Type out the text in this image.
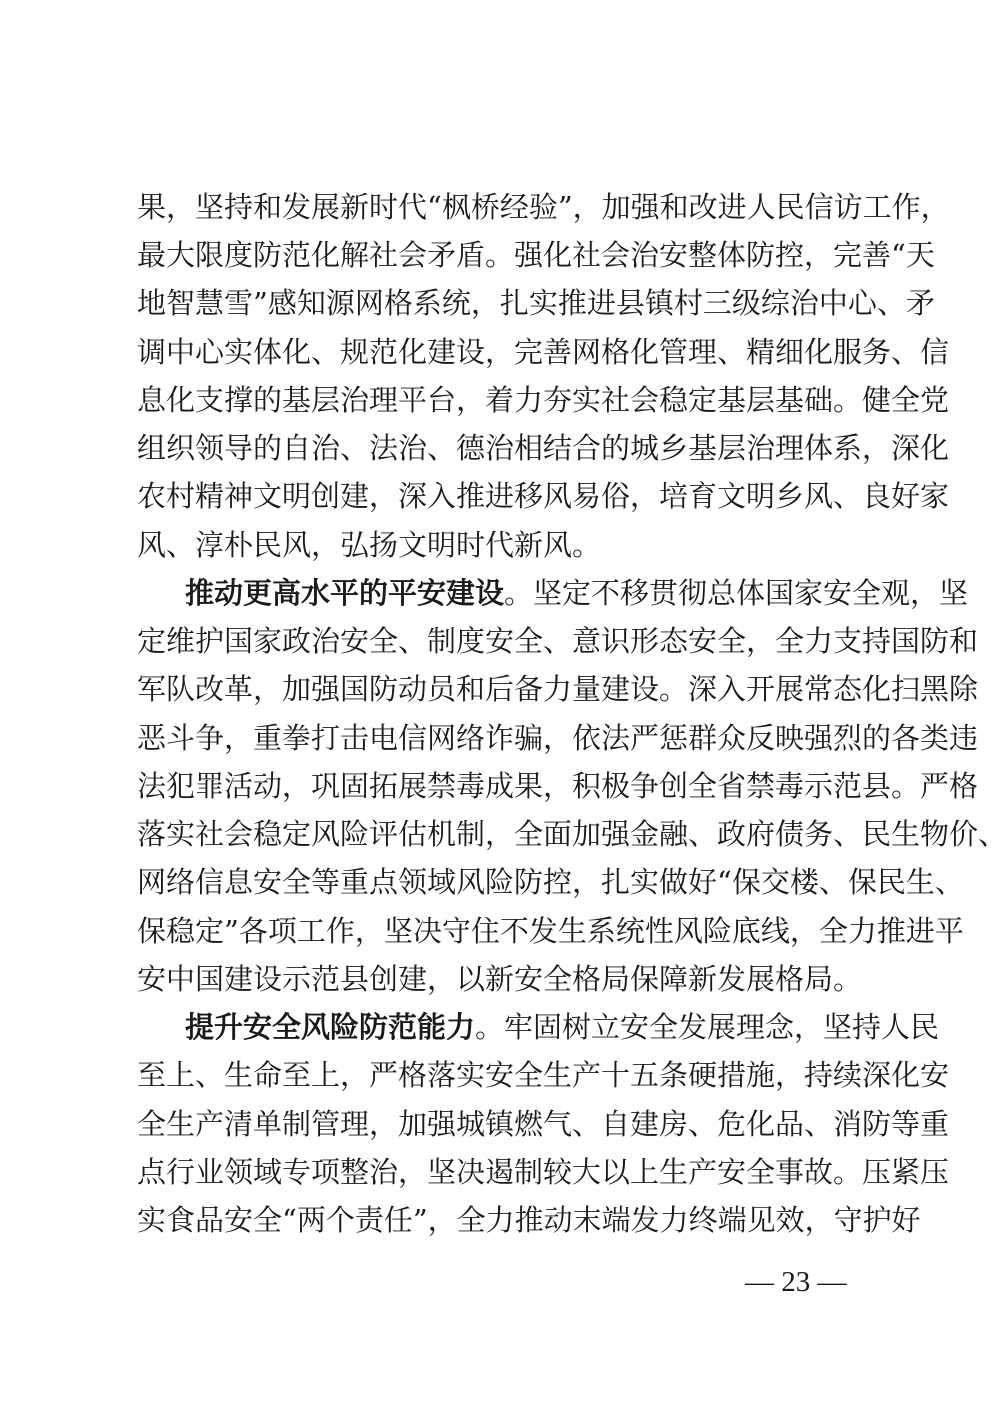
果，坚持和发展新时代“枫桥经验”，加强和改进人民信访工作，
最大限度防范化解社会矛盾。强化社会治安整体防控，完善“天
地智慧雪”感知源网格系统，扎实推进县镇村三级综治中心、矛
调中心实体化、规范化建设，完善网格化管理、精细化服务、信
息化支撑的基层治理平台，着力夯实社会稳定基层基础。健全党
组织领导的自治、法治、德治相结合的城乡基层治理体系，深化
农村精神文明创建，深入推进移风易俗，培育文明乡风、良好家
风、淳朴民风，弘扬文明时代新风。
推动更高水平的平安建设。坚定不移贯彻总体国家安全观，坚
定维护国家政治安全、制度安全、意识形态安全，全力支持国防和
军队改革，加强国防动员和后备力量建设。深入开展常态化扫黑除
恶斗争，重拳打击电信网络诈骗，依法严惩群众反映强烈的各类违
法犯罪活动，巩固拓展禁毒成果，积极争创全省禁毒示范县。严格
落实社会稳定风险评估机制，全面加强金融、政府债务、民生物价、
网络信息安全等重点领域风险防控，扎实做好“保交楼、保民生、
保稳定”各项工作，坚决守住不发生系统性风险底线，全力推进平
安中国建设示范县创建，以新安全格局保障新发展格局。
提升安全风险防范能力。牢固树立安全发展理念，坚持人民
至上、生命至上，严格落实安全生产十五条硬措施，持续深化安
全生产清单制管理，加强城镇燃气、自建房、危化品、消防等重
点行业领域专项整治，坚决遏制较大以上生产安全事故。压紧压
实食品安全“两个责任”，全力推动末端发力终端见效，守护好
— 23 —
